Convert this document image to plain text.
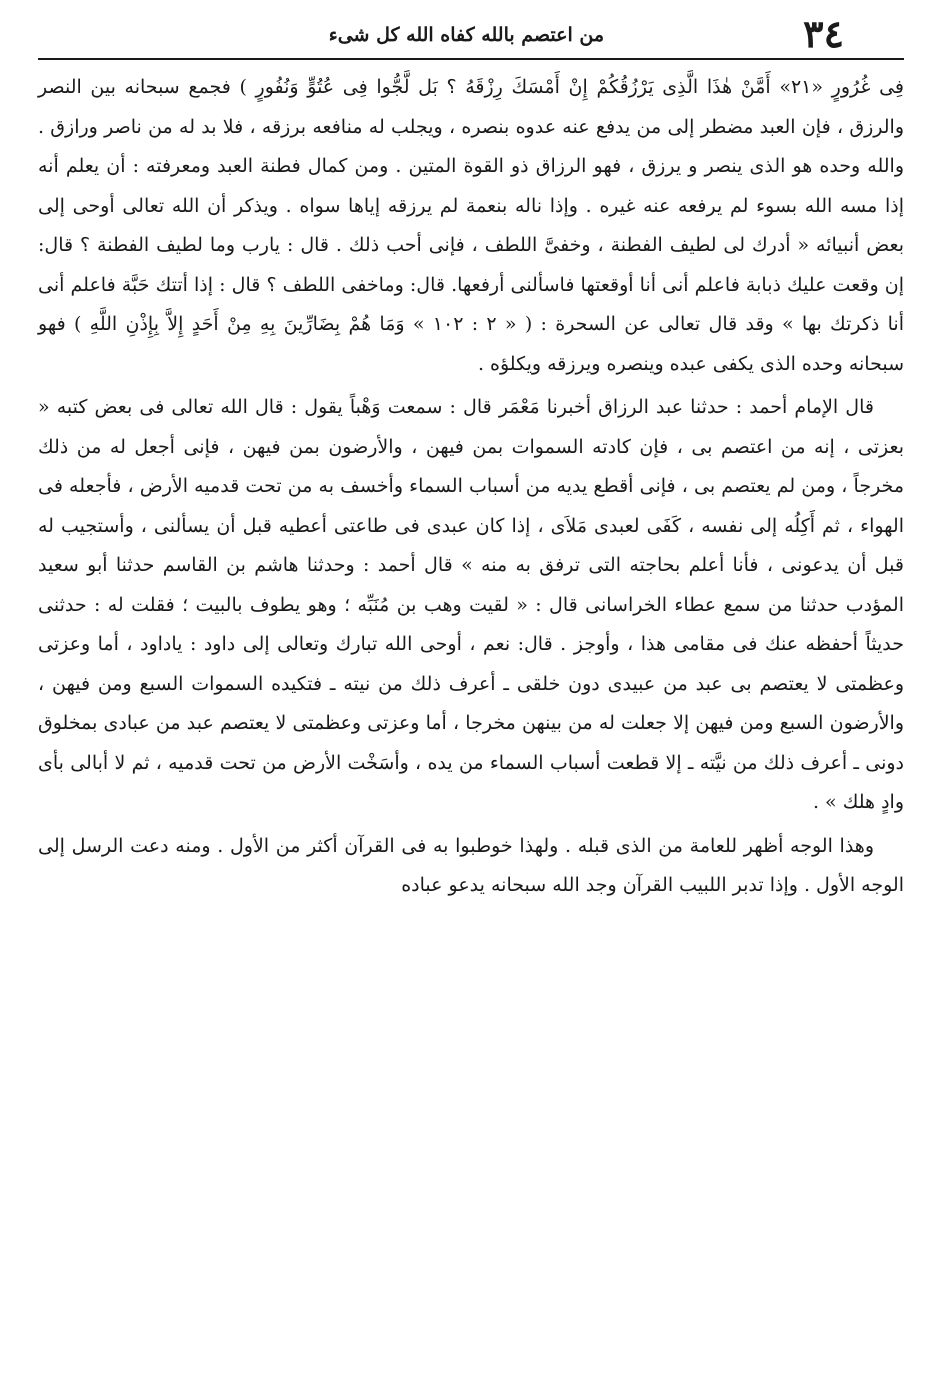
٣٤
من اعتصم بالله كفاه الله كل شىء

فِى غُرُورٍ «٢١» أَمَّنْ هٰذَا الَّذِى يَرْزُقُكُمْ إِنْ أَمْسَكَ رِزْقَهُ ؟ بَل لَّجُّوا فِى عُتُوٍّ وَنُفُورٍ ) فجمع سبحانه بين النصر والرزق ، فإن العبد مضطر إلى من يدفع عنه عدوه بنصره ، ويجلب له منافعه برزقه ، فلا بد له من ناصر ورازق . والله وحده هو الذى ينصر و يرزق ، فهو الرزاق ذو القوة المتين . ومن كمال فطنة العبد ومعرفته : أن يعلم أنه إذا مسه الله بسوء لم يرفعه عنه غيره . وإذا ناله بنعمة لم يرزقه إياها سواه . ويذكر أن الله تعالى أوحى إلى بعض أنبيائه « أدرك لى لطيف الفطنة ، وخفىَّ اللطف ، فإنى أحب ذلك . قال : يارب وما لطيف الفطنة ؟ قال: إن وقعت عليك ذبابة فاعلم أنى أنا أوقعتها فاسألنى أرفعها. قال: وماخفى اللطف ؟ قال : إذا أتتك حَبَّة فاعلم أنى أنا ذكرتك بها » وقد قال تعالى عن السحرة : ( « ٢ : ١٠٢ » وَمَا هُمْ بِضَارِّينَ بِهِ مِنْ أَحَدٍ إِلاَّ بِإِذْنِ اللَّهِ ) فهو سبحانه وحده الذى يكفى عبده وينصره ويرزقه ويكلؤه .

قال الإمام أحمد : حدثنا عبد الرزاق أخبرنا مَعْمَر قال : سمعت وَهْباً يقول : قال الله تعالى فى بعض كتبه « بعزتى ، إنه من اعتصم بى ، فإن كادته السموات بمن فيهن ، والأرضون بمن فيهن ، فإنى أجعل له من ذلك مخرجاً ، ومن لم يعتصم بى ، فإنى أقطع يديه من أسباب السماء وأخسف به من تحت قدميه الأرض ، فأجعله فى الهواء ، ثم أَكِلُه إلى نفسه ، كَفَى لعبدى مَلاَى ، إذا كان عبدى فى طاعتى أعطيه قبل أن يسألنى ، وأستجيب له قبل أن يدعونى ، فأنا أعلم بحاجته التى ترفق به منه » قال أحمد : وحدثنا هاشم بن القاسم حدثنا أبو سعيد المؤدب حدثنا من سمع عطاء الخراسانى قال : « لقيت وهب بن مُنَبِّه ؛ وهو يطوف بالبيت ؛ فقلت له : حدثنى حديثاً أحفظه عنك فى مقامى هذا ، وأوجز . قال: نعم ، أوحى الله تبارك وتعالى إلى داود : ياداود ، أما وعزتى وعظمتى لا يعتصم بى عبد من عبيدى دون خلقى ـ أعرف ذلك من نيته ـ فتكيده السموات السبع ومن فيهن ، والأرضون السبع ومن فيهن إلا جعلت له من بينهن مخرجا ، أما وعزتى وعظمتى لا يعتصم عبد من عبادى بمخلوق دونى ـ أعرف ذلك من نيَّته ـ إلا قطعت أسباب السماء من يده ، وأسَخْت الأرض من تحت قدميه ، ثم لا أبالى بأى وادٍ هلك » .

وهذا الوجه أظهر للعامة من الذى قبله . ولهذا خوطبوا به فى القرآن أكثر من الأول . ومنه دعت الرسل إلى الوجه الأول . وإذا تدبر اللبيب القرآن وجد الله سبحانه يدعو عباده
